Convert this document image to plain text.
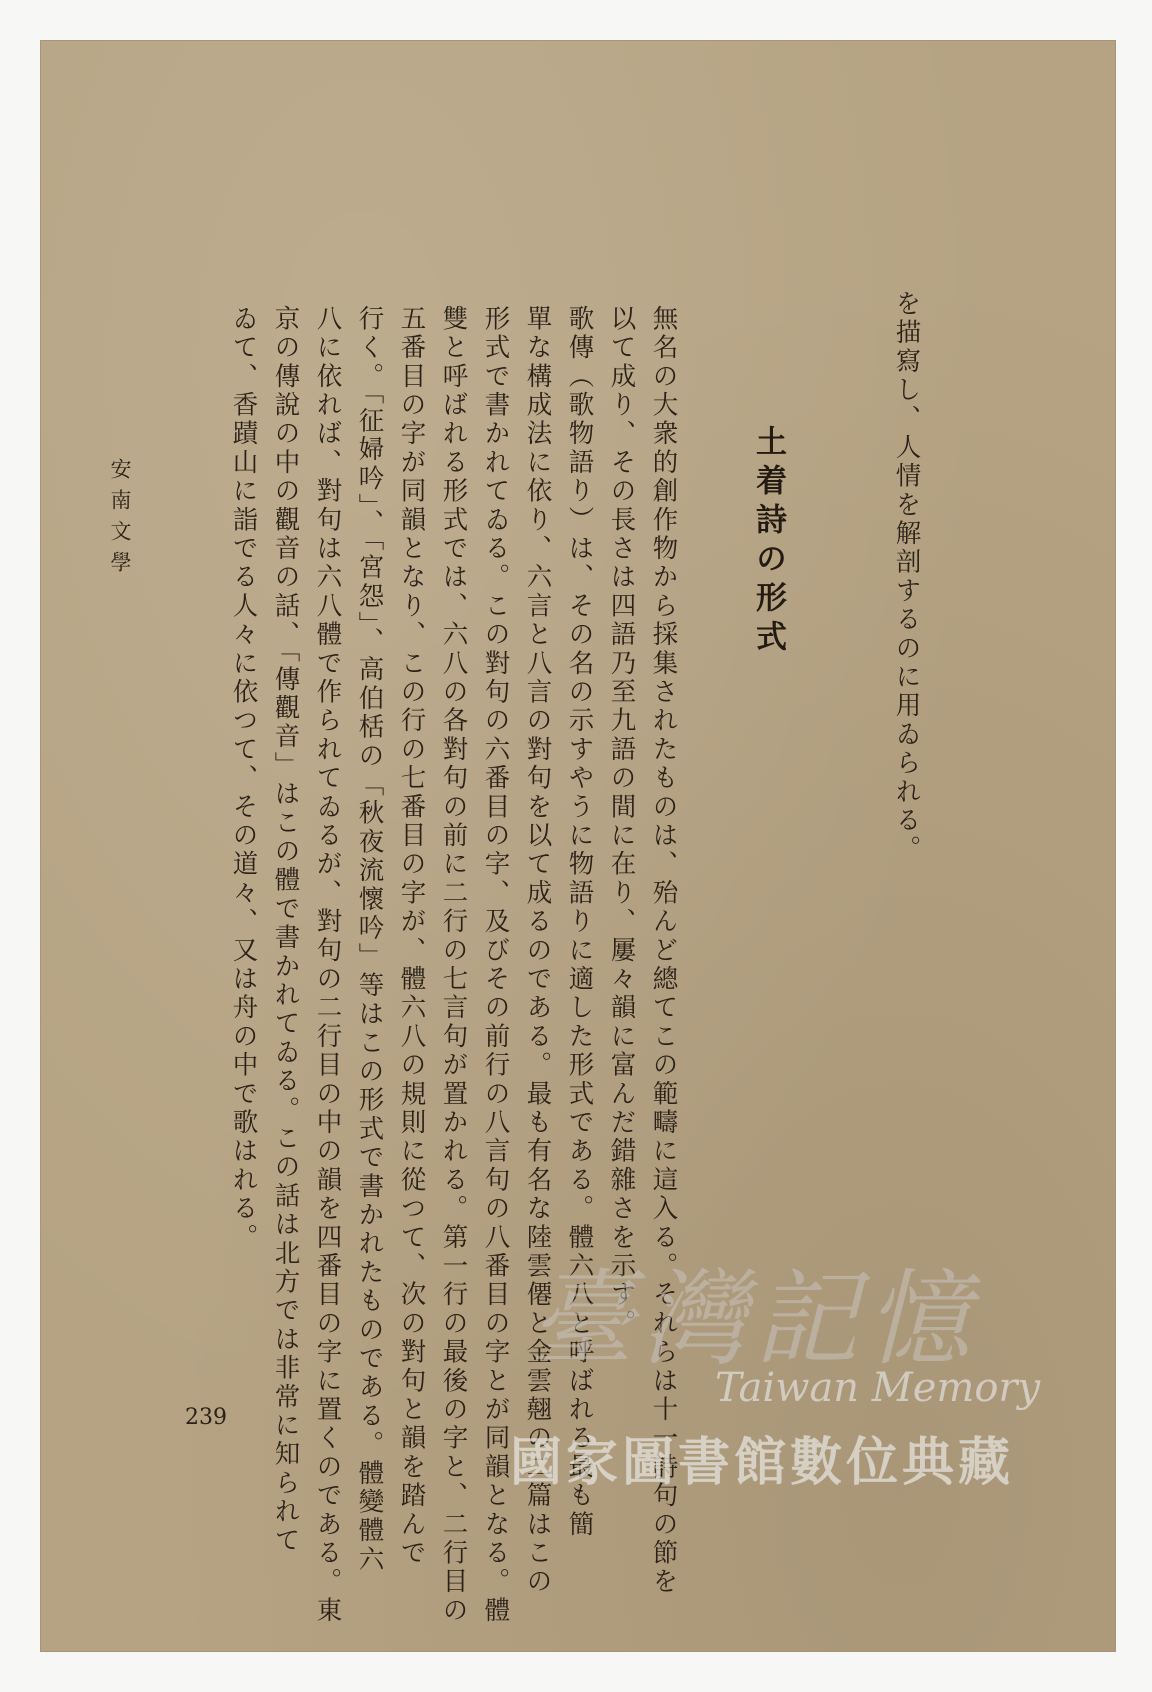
を描寫し、人情を解剖するのに用ゐられる。
土着詩の形式
無名の大衆的創作物から採集されたものは、殆んど總てこの範疇に這入る。それらは十一詩句の節を
以て成り、その長さは四語乃至九語の間に在り、屢々韻に富んだ錯雜さを示す。
歌傳（歌物語り）は、その名の示すやうに物語りに適した形式である。體六八と呼ばれる最も簡
單な構成法に依り、六言と八言の對句を以て成るのである。最も有名な陸雲僊と金雲翹の二篇はこの
形式で書かれてゐる。この對句の六番目の字、及びその前行の八言句の八番目の字とが同韻となる。體
雙と呼ばれる形式では、六八の各對句の前に二行の七言句が置かれる。第一行の最後の字と、二行目の
五番目の字が同韻となり、この行の七番目の字が、體六八の規則に從つて、次の對句と韻を踏んで
行く。「征婦吟」、「宮怨」、高伯栝の「秋夜流懷吟」等はこの形式で書かれたものである。體變體六
八に依れば、對句は六八體で作られてゐるが、對句の二行目の中の韻を四番目の字に置くのである。東
京の傳說の中の觀音の話、「傳觀音」はこの體で書かれてゐる。この話は北方では非常に知られて
ゐて、香蹟山に詣でる人々に依つて、その道々、又は舟の中で歌はれる。
安南文學
239
臺灣記憶
Taiwan Memory
國家圖書館數位典藏
